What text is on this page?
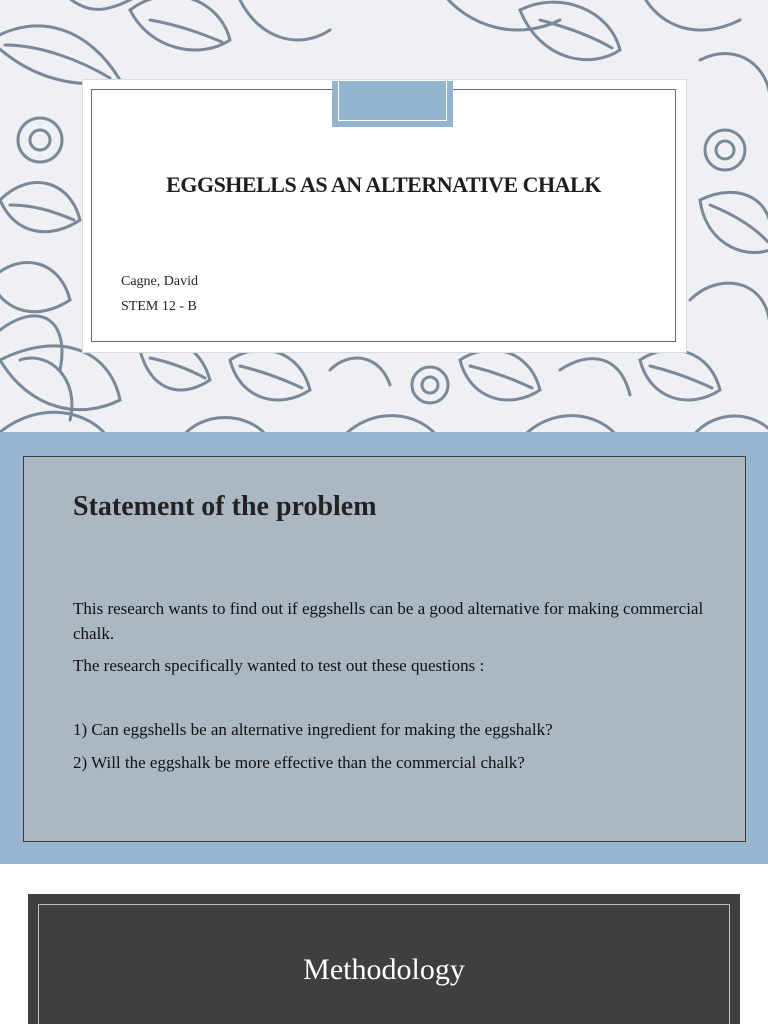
EGGSHELLS AS AN ALTERNATIVE CHALK

Cagne, David

STEM 12 - B

Statement of the problem

This research wants to find out if eggshells can be a good alternative for making commercial chalk.

The research specifically wanted to test out these questions :

1) Can eggshells be an alternative ingredient for making the eggshalk?

2) Will the eggshalk be more effective than the commercial chalk?

Methodology
